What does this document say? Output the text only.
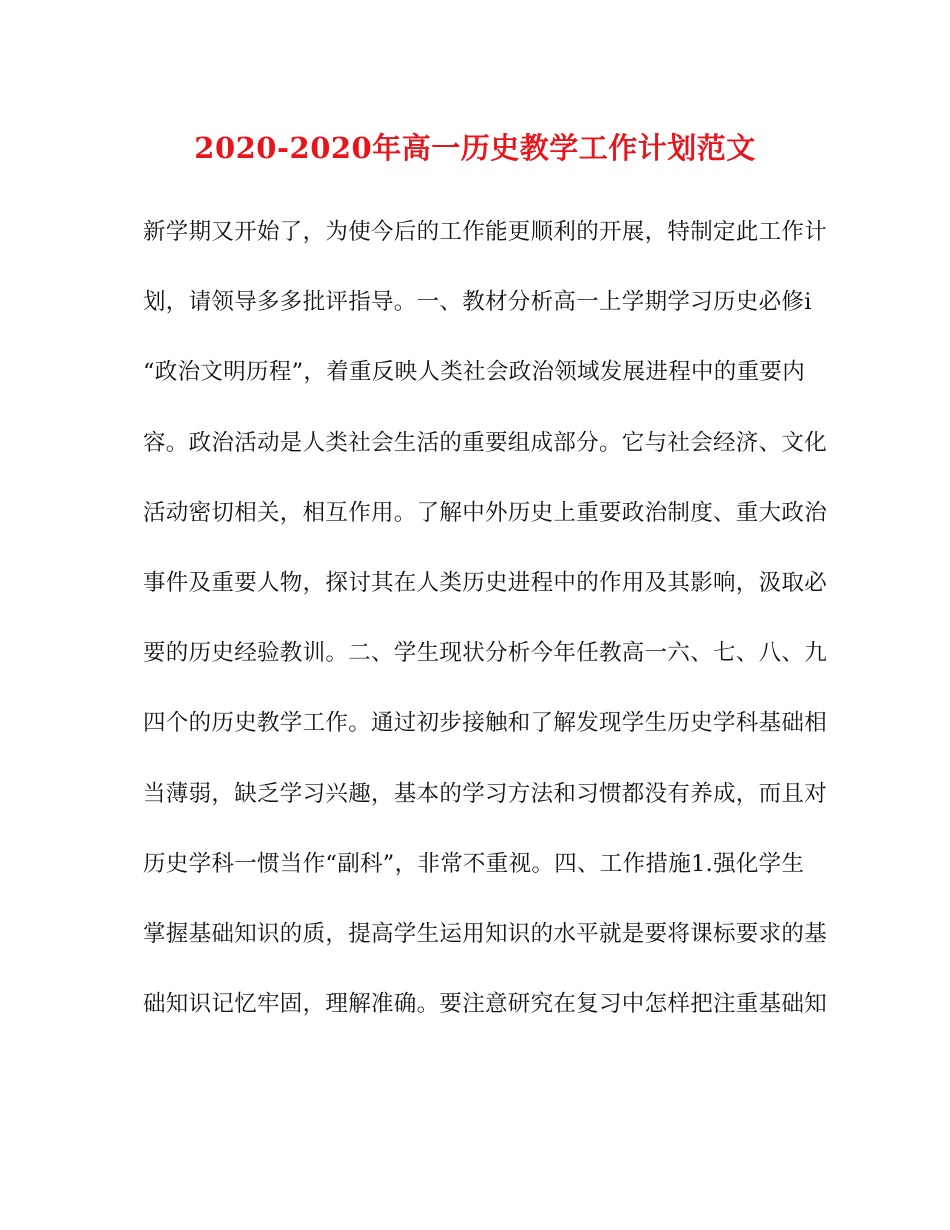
2020-2020年高一历史教学工作计划范文
新学期又开始了，为使今后的工作能更顺利的开展，特制定此工作计
划，请领导多多批评指导。一、教材分析高一上学期学习历史必修ⅰ
“政治文明历程”，着重反映人类社会政治领域发展进程中的重要内
容。政治活动是人类社会生活的重要组成部分。它与社会经济、文化
活动密切相关，相互作用。了解中外历史上重要政治制度、重大政治
事件及重要人物，探讨其在人类历史进程中的作用及其影响，汲取必
要的历史经验教训。二、学生现状分析今年任教高一六、七、八、九
四个的历史教学工作。通过初步接触和了解发现学生历史学科基础相
当薄弱，缺乏学习兴趣，基本的学习方法和习惯都没有养成，而且对
历史学科一惯当作“副科”，非常不重视。四、工作措施1.强化学生
掌握基础知识的质，提高学生运用知识的水平就是要将课标要求的基
础知识记忆牢固，理解准确。要注意研究在复习中怎样把注重基础知
